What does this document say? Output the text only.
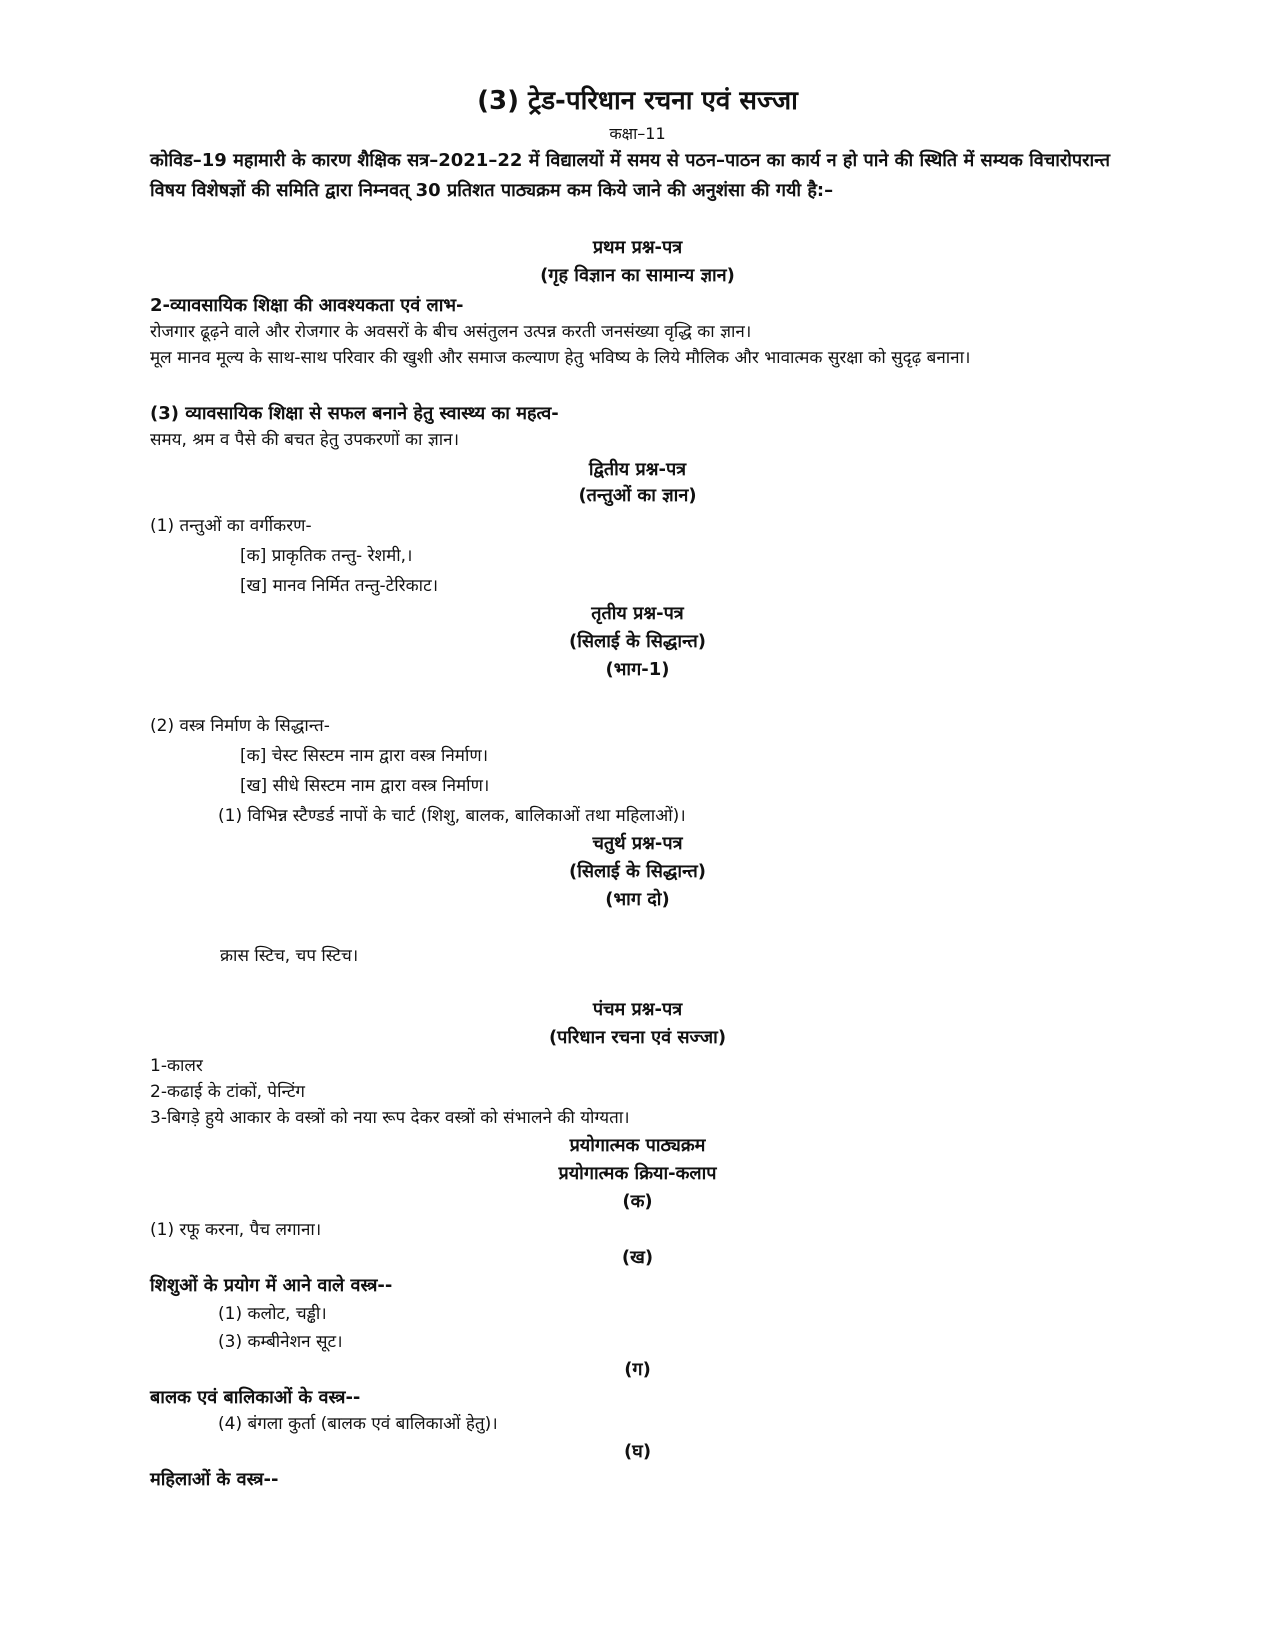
(3) ट्रेड-परिधान रचना एवं सज्जा
कक्षा–11
कोविड–19 महामारी के कारण शैक्षिक सत्र–2021–22 में विद्यालयों में समय से पठन–पाठन का कार्य न हो पाने की स्थिति में सम्यक विचारोपरान्त विषय विशेषज्ञों की समिति द्वारा निम्नवत् 30 प्रतिशत पाठ्यक्रम कम किये जाने की अनुशंसा की गयी है:–
प्रथम प्रश्न-पत्र
(गृह विज्ञान का सामान्य ज्ञान)
2-व्यावसायिक शिक्षा की आवश्यकता एवं लाभ-
रोजगार ढूढ़ने वाले और रोजगार के अवसरों के बीच असंतुलन उत्पन्न करती जनसंख्या वृद्धि का ज्ञान।
मूल मानव मूल्य के साथ-साथ परिवार की खुशी और समाज कल्याण हेतु भविष्य के लिये मौलिक और भावात्मक सुरक्षा को सुदृढ़ बनाना।
(3) व्यावसायिक शिक्षा से सफल बनाने हेतु स्वास्थ्य का महत्व-
समय, श्रम व पैसे की बचत हेतु उपकरणों का ज्ञान।
द्वितीय प्रश्न-पत्र
(तन्तुओं का ज्ञान)
(1) तन्तुओं का वर्गीकरण-
[क] प्राकृतिक तन्तु- रेशमी,।
[ख] मानव निर्मित तन्तु-टेरिकाट।
तृतीय प्रश्न-पत्र
(सिलाई के सिद्धान्त)
(भाग-1)
(2) वस्त्र निर्माण के सिद्धान्त-
[क] चेस्ट सिस्टम नाम द्वारा वस्त्र निर्माण।
[ख] सीधे सिस्टम नाम द्वारा वस्त्र निर्माण।
(1) विभिन्न स्टैण्डर्ड नापों के चार्ट (शिशु, बालक, बालिकाओं तथा महिलाओं)।
चतुर्थ प्रश्न-पत्र
(सिलाई के सिद्धान्त)
(भाग दो)
क्रास स्टिच, चप स्टिच।
पंचम प्रश्न-पत्र
(परिधान रचना एवं सज्जा)
1-कालर
2-कढाई के टांकों, पेन्टिंग
3-बिगड़े हुये आकार के वस्त्रों को नया रूप देकर वस्त्रों को संभालने की योग्यता।
प्रयोगात्मक पाठ्यक्रम
प्रयोगात्मक क्रिया-कलाप
(क)
(1) रफू करना, पैच लगाना।
(ख)
शिशुओं के प्रयोग में आने वाले वस्त्र--
(1) कलोट, चड्ढी।
(3) कम्बीनेशन सूट।
(ग)
बालक एवं बालिकाओं के वस्त्र--
(4) बंगला कुर्ता (बालक एवं बालिकाओं हेतु)।
(घ)
महिलाओं के वस्त्र--
